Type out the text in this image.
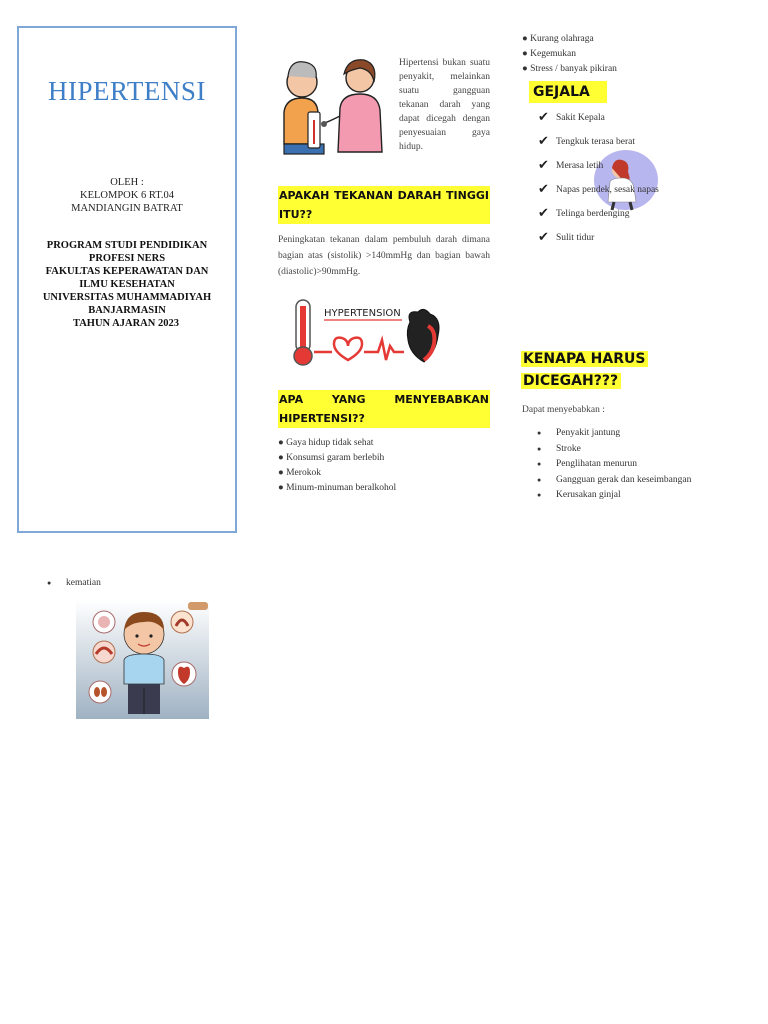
HIPERTENSI
OLEH :
KELOMPOK 6 RT.04
MANDIANGIN BATRAT
PROGRAM STUDI PENDIDIKAN
PROFESI NERS
FAKULTAS KEPERAWATAN DAN
ILMU KESEHATAN
UNIVERSITAS MUHAMMADIYAH
BANJARMASIN
TAHUN AJARAN 2023
Hipertensi bukan suatu penyakit, melainkan suatu gangguan tekanan darah yang dapat dicegah dengan penyesuaian gaya hidup.
APAKAH TEKANAN DARAH TINGGI ITU??
Peningkatan tekanan dalam pembuluh darah dimana bagian atas (sistolik) >140mmHg dan bagian bawah (diastolic)>90mmHg.
HYPERTENSION
APA YANG MENYEBABKAN HIPERTENSI??
● Gaya hidup tidak sehat
● Konsumsi garam berlebih
● Merokok
● Minum-minuman beralkohol
● Kurang olahraga
● Kegemukan
● Stress / banyak pikiran
GEJALA
✔ Sakit Kepala
✔ Tengkuk terasa berat
✔ Merasa letih
✔ Napas pendek, sesak napas
✔ Telinga berdenging
✔ Sulit tidur
KENAPA HARUS
DICEGAH???
Dapat menyebabkan :
● Penyakit jantung
● Stroke
● Penglihatan menurun
● Gangguan gerak dan keseimbangan
● Kerusakan ginjal
● kematian
